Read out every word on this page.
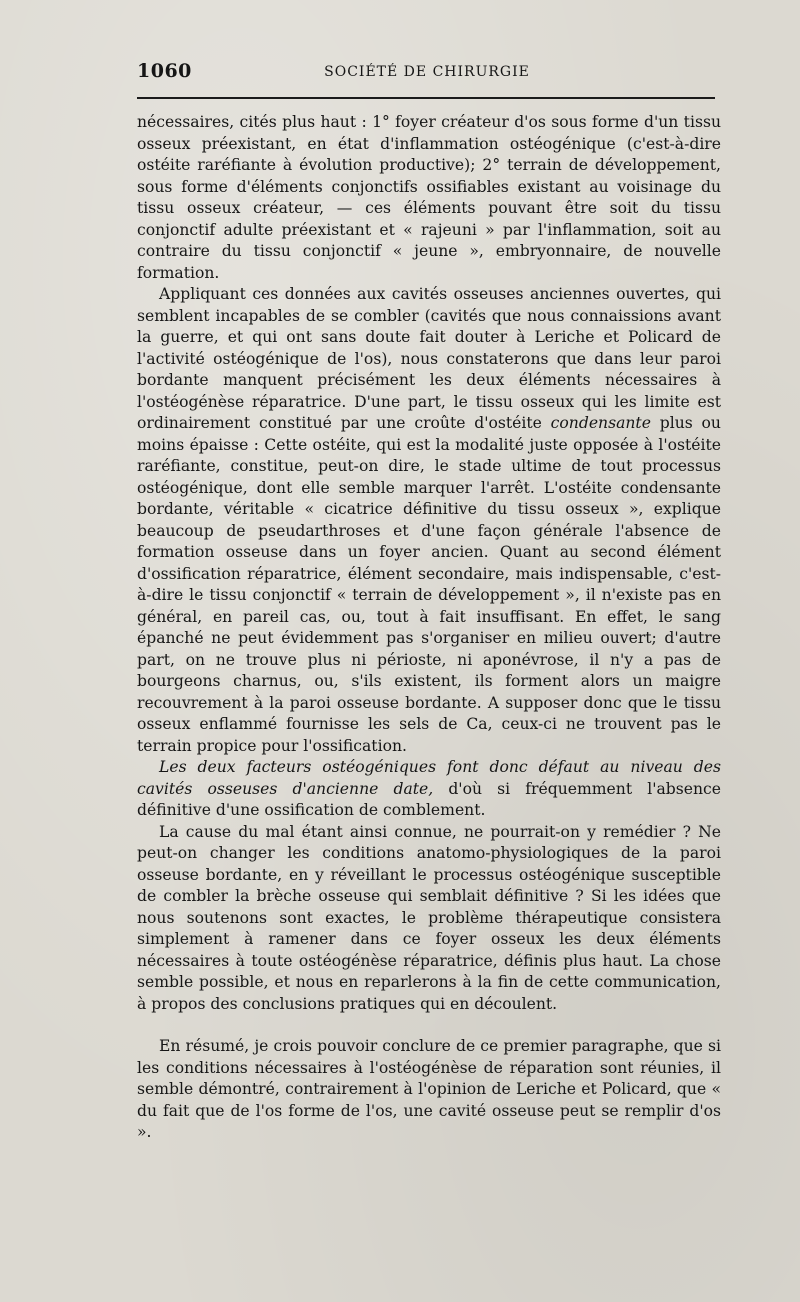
1060	SOCIÉTÉ DE CHIRURGIE

nécessaires, cités plus haut : 1° foyer créateur d'os sous forme d'un tissu osseux préexistant, en état d'inflammation ostéogénique (c'est-à-dire ostéite raréfiante à évolution productive); 2° terrain de développement, sous forme d'éléments conjonctifs ossifiables existant au voisinage du tissu osseux créateur, — ces éléments pouvant être soit du tissu conjonctif adulte préexistant et « rajeuni » par l'inflammation, soit au contraire du tissu conjonctif « jeune », embryonnaire, de nouvelle formation.

Appliquant ces données aux cavités osseuses anciennes ouvertes, qui semblent incapables de se combler (cavités que nous connaissions avant la guerre, et qui ont sans doute fait douter à Leriche et Policard de l'activité ostéogénique de l'os), nous constaterons que dans leur paroi bordante manquent précisément les deux éléments nécessaires à l'ostéogénèse réparatrice. D'une part, le tissu osseux qui les limite est ordinairement constitué par une croûte d'ostéite condensante plus ou moins épaisse : Cette ostéite, qui est la modalité juste opposée à l'ostéite raréfiante, constitue, peut-on dire, le stade ultime de tout processus ostéogénique, dont elle semble marquer l'arrêt. L'ostéite condensante bordante, véritable « cicatrice définitive du tissu osseux », explique beaucoup de pseudarthroses et d'une façon générale l'absence de formation osseuse dans un foyer ancien. Quant au second élément d'ossification réparatrice, élément secondaire, mais indispensable, c'est-à-dire le tissu conjonctif « terrain de développement », il n'existe pas en général, en pareil cas, ou, tout à fait insuffisant. En effet, le sang épanché ne peut évidemment pas s'organiser en milieu ouvert; d'autre part, on ne trouve plus ni périoste, ni aponévrose, il n'y a pas de bourgeons charnus, ou, s'ils existent, ils forment alors un maigre recouvrement à la paroi osseuse bordante. A supposer donc que le tissu osseux enflammé fournisse les sels de Ca, ceux-ci ne trouvent pas le terrain propice pour l'ossification.

Les deux facteurs ostéogéniques font donc défaut au niveau des cavités osseuses d'ancienne date, d'où si fréquemment l'absence définitive d'une ossification de comblement.

La cause du mal étant ainsi connue, ne pourrait-on y remédier ? Ne peut-on changer les conditions anatomo-physiologiques de la paroi osseuse bordante, en y réveillant le processus ostéogénique susceptible de combler la brèche osseuse qui semblait définitive ? Si les idées que nous soutenons sont exactes, le problème thérapeutique consistera simplement à ramener dans ce foyer osseux les deux éléments nécessaires à toute ostéogénèse réparatrice, définis plus haut. La chose semble possible, et nous en reparlerons à la fin de cette communication, à propos des conclusions pratiques qui en découlent.

En résumé, je crois pouvoir conclure de ce premier paragraphe, que si les conditions nécessaires à l'ostéogénèse de réparation sont réunies, il semble démontré, contrairement à l'opinion de Leriche et Policard, que « du fait que de l'os forme de l'os, une cavité osseuse peut se remplir d'os ».
